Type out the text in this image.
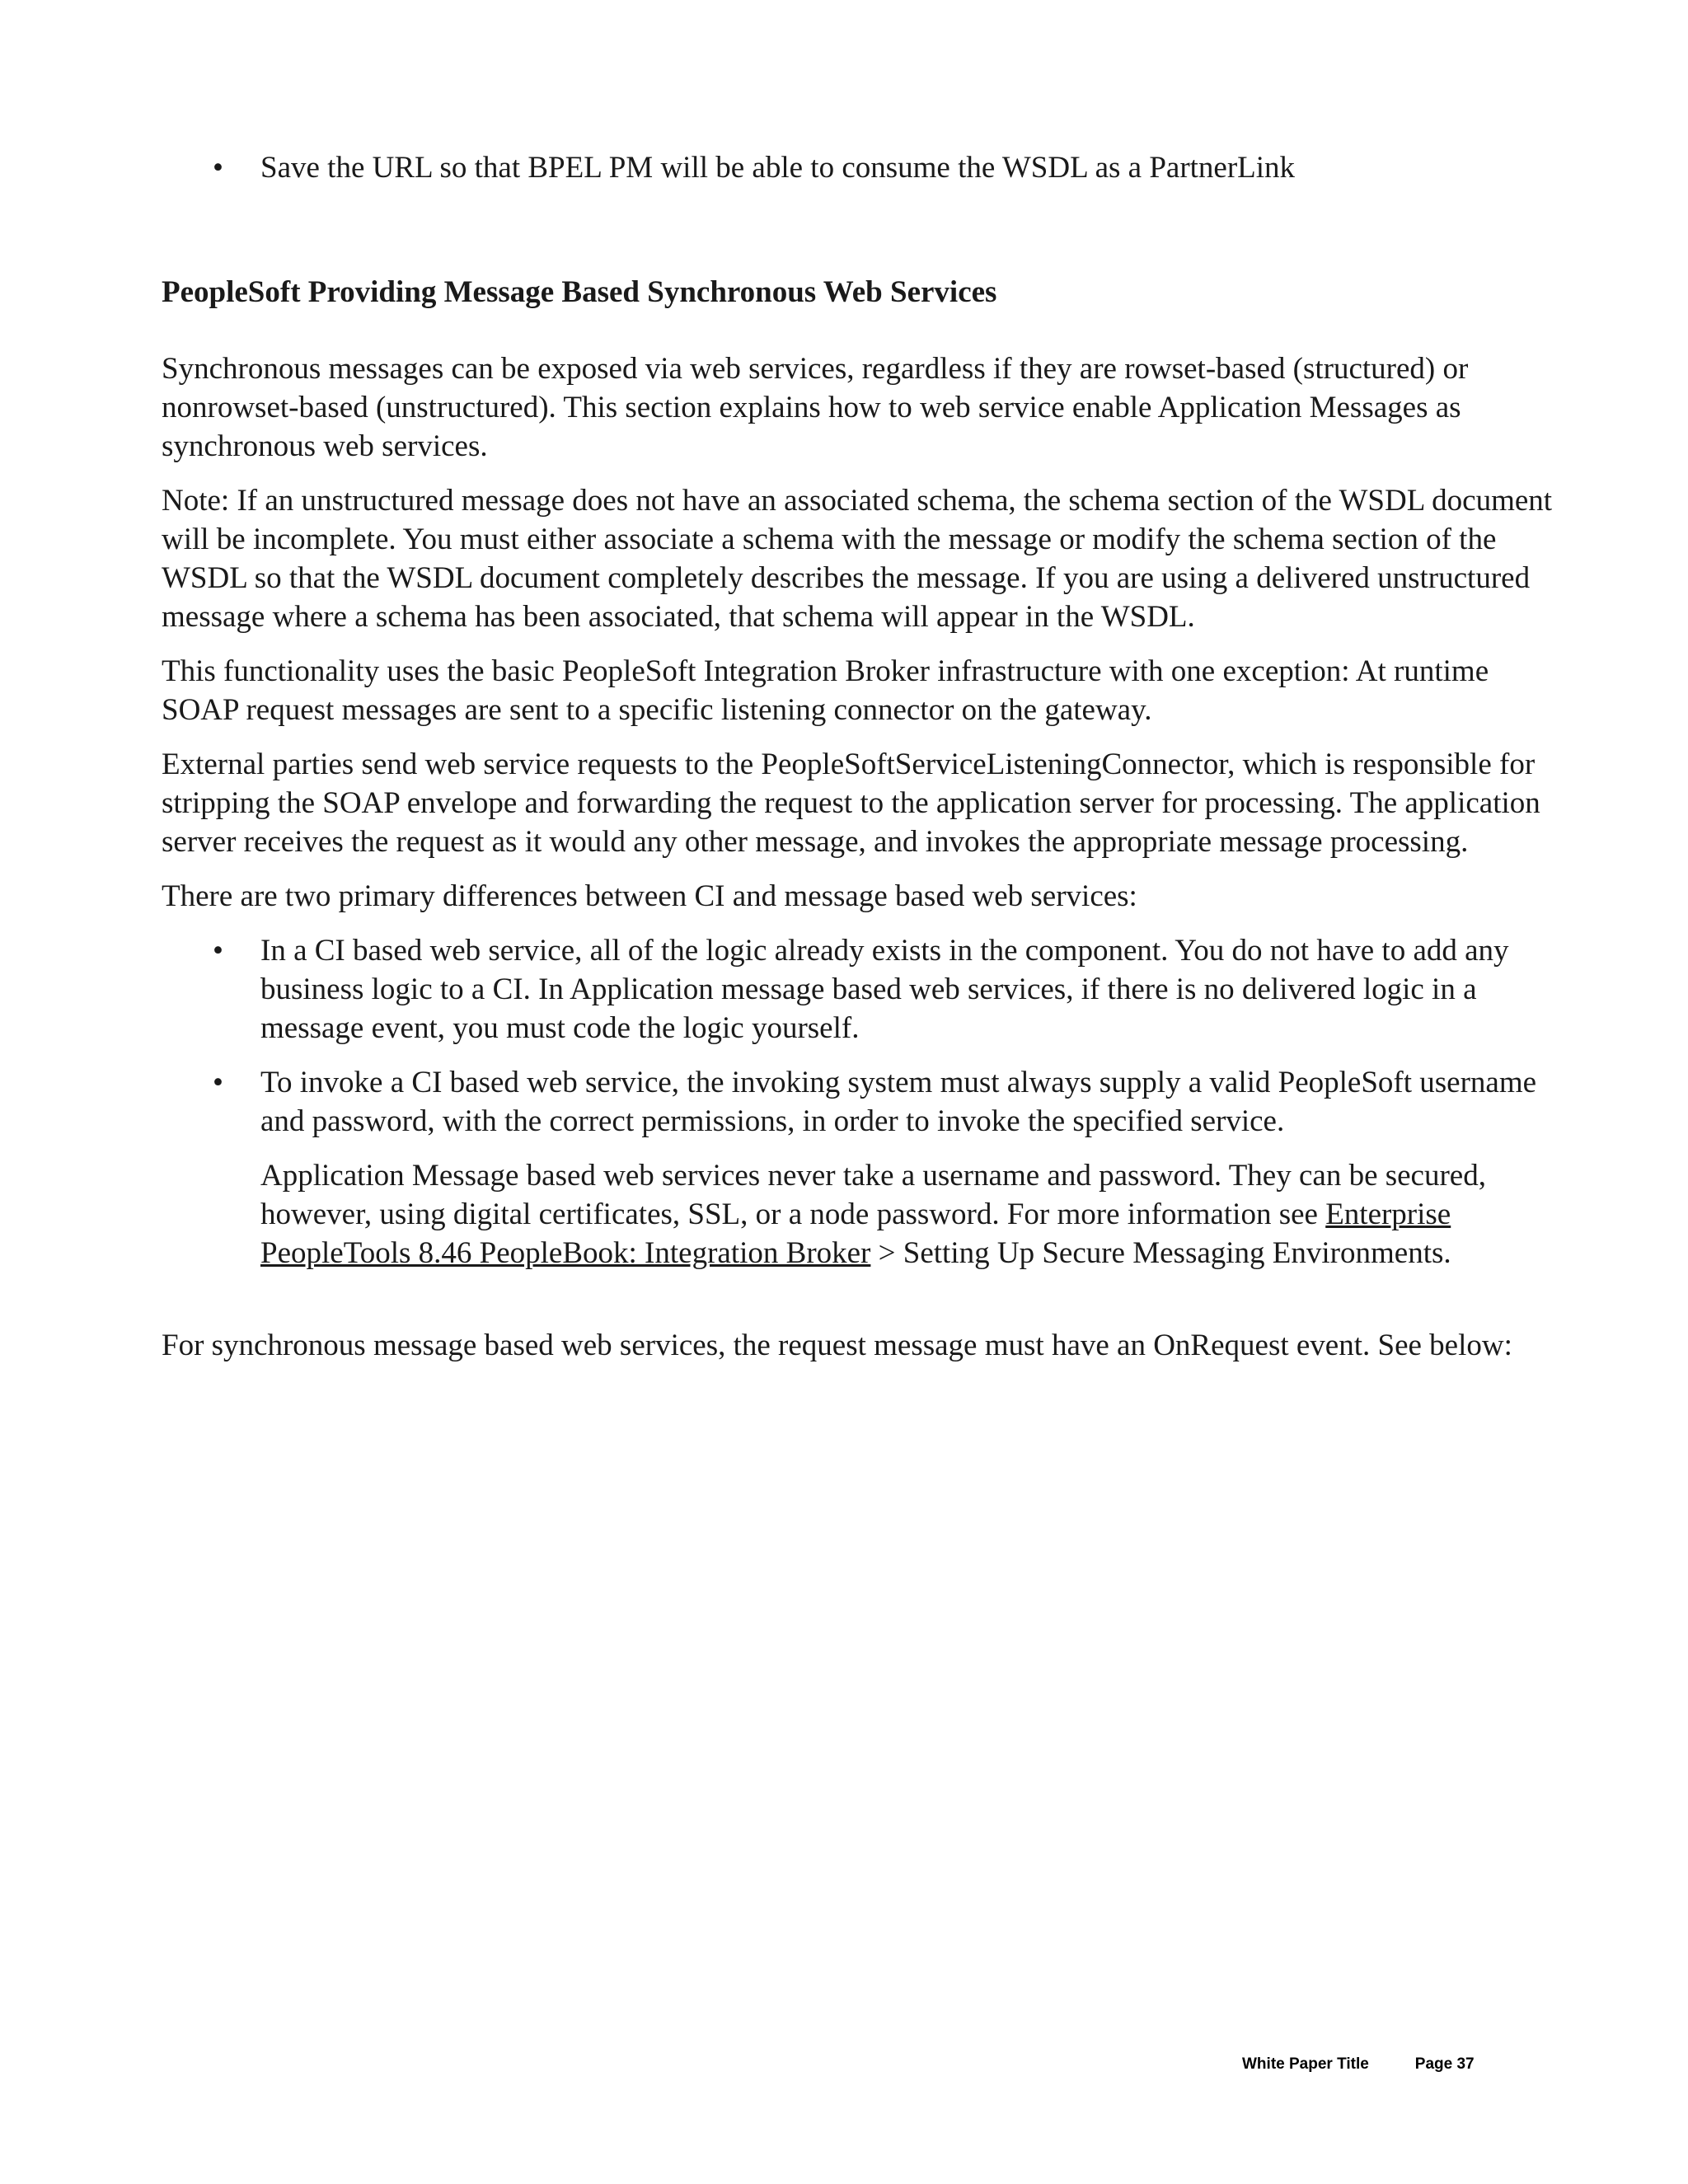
• Save the URL so that BPEL PM will be able to consume the WSDL as a PartnerLink
PeopleSoft Providing Message Based Synchronous Web Services

Synchronous messages can be exposed via web services, regardless if they are rowset-based (structured) or nonrowset-based (unstructured). This section explains how to web service enable Application Messages as synchronous web services.

Note: If an unstructured message does not have an associated schema, the schema section of the WSDL document will be incomplete. You must either associate a schema with the message or modify the schema section of the WSDL so that the WSDL document completely describes the message. If you are using a delivered unstructured message where a schema has been associated, that schema will appear in the WSDL.

This functionality uses the basic PeopleSoft Integration Broker infrastructure with one exception: At runtime SOAP request messages are sent to a specific listening connector on the gateway.

External parties send web service requests to the PeopleSoftServiceListeningConnector, which is responsible for stripping the SOAP envelope and forwarding the request to the application server for processing. The application server receives the request as it would any other message, and invokes the appropriate message processing.

There are two primary differences between CI and message based web services:

• In a CI based web service, all of the logic already exists in the component. You do not have to add any business logic to a CI. In Application message based web services, if there is no delivered logic in a message event, you must code the logic yourself.
• To invoke a CI based web service, the invoking system must always supply a valid PeopleSoft username and password, with the correct permissions, in order to invoke the specified service.

Application Message based web services never take a username and password. They can be secured, however, using digital certificates, SSL, or a node password. For more information see Enterprise PeopleTools 8.46 PeopleBook: Integration Broker > Setting Up Secure Messaging Environments.

For synchronous message based web services, the request message must have an OnRequest event. See below:

White Paper Title	Page 37
